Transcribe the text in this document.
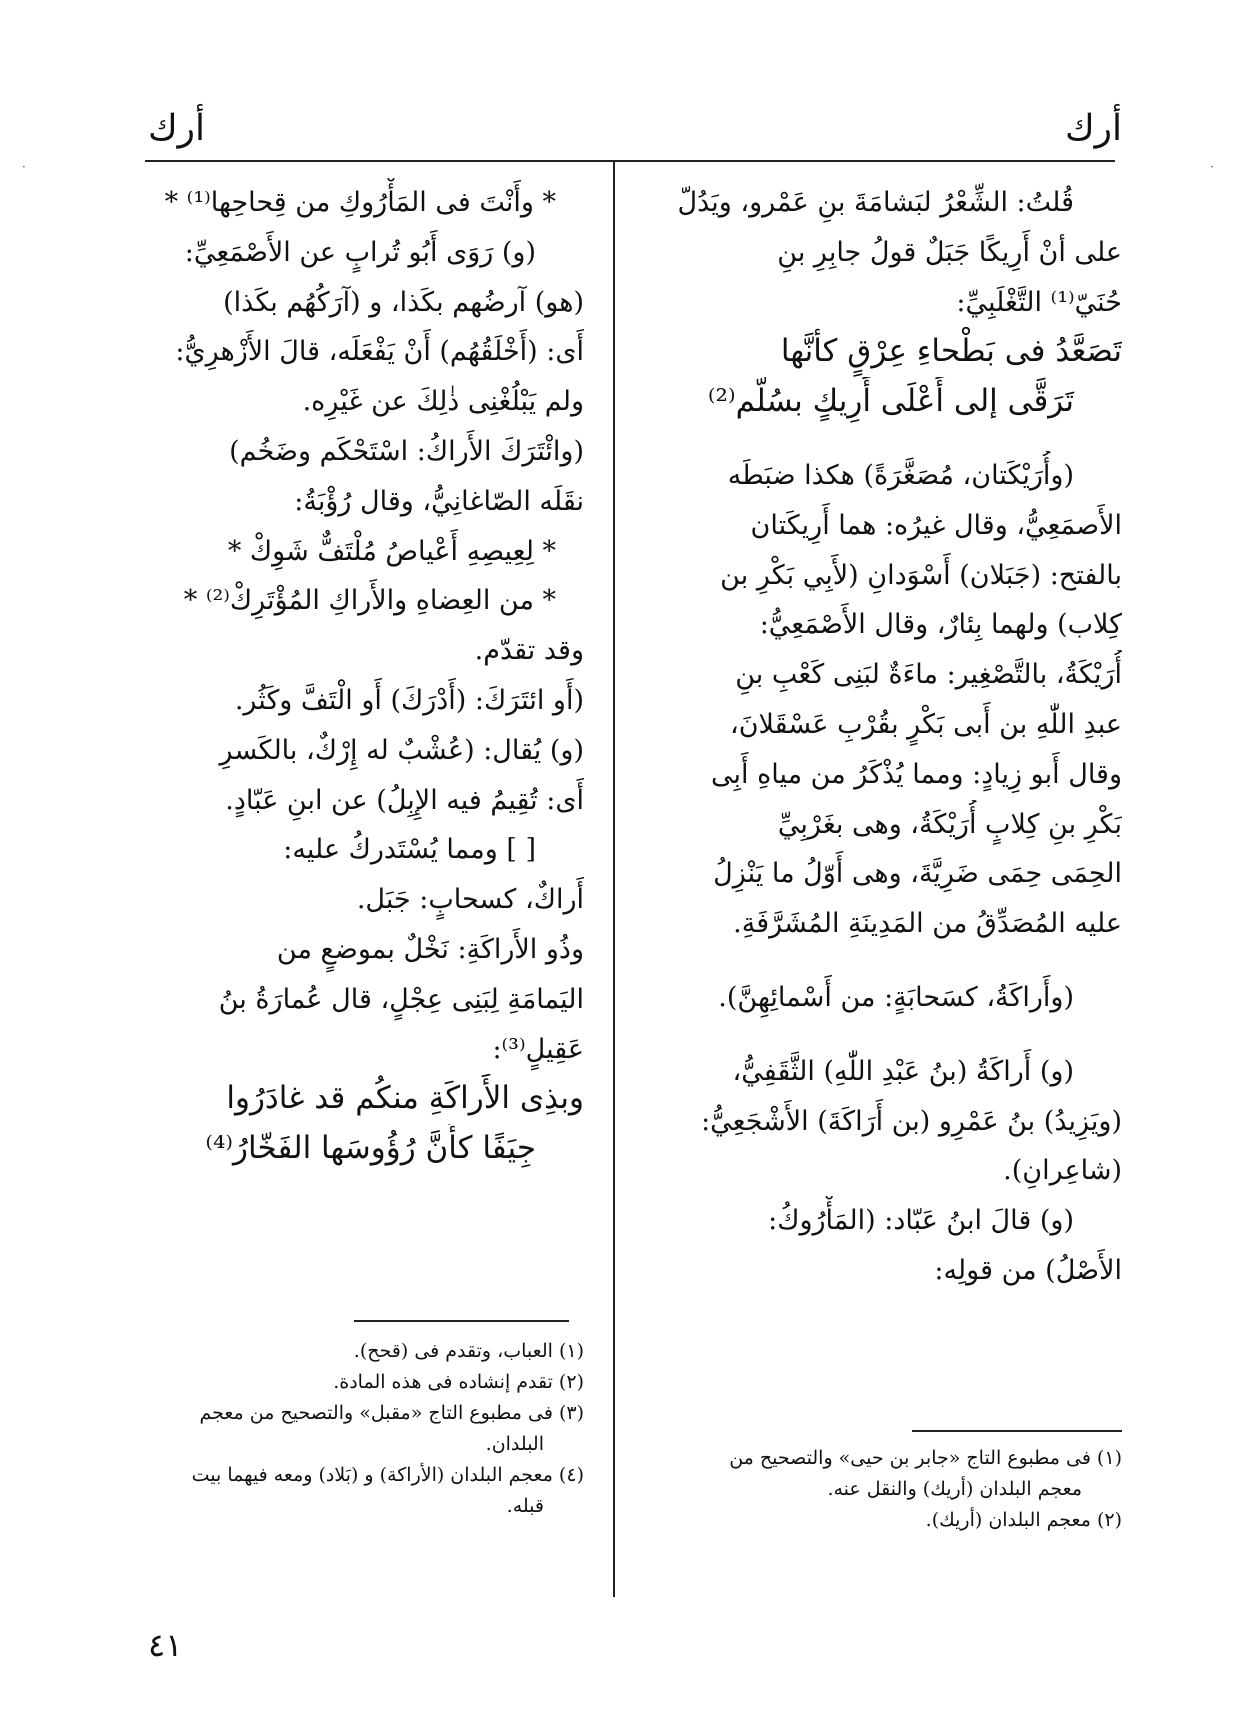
·	·
أرك
أرك
قُلتُ: الشِّعْرُ لبَشامَةَ بنِ عَمْرو، ويَدُلّ
على أنْ أَرِيكًا جَبَلٌ قولُ جابِرِ بنِ
حُنَيّ⁽¹⁾ التَّغْلَبِيِّ:
تَصَعَّدُ فى بَطْحاءِ عِرْقٍ كأنَّها
تَرَقَّى إلى أَعْلَى أَرِيكٍ بسُلَّم⁽²⁾
(وأُرَيْكَتان، مُصَغَّرَةً) هكذا ضبَطَه
الأَصمَعِيُّ، وقال غيرُه: هما أَرِيكَتان
بالفتح: (جَبَلان) أَسْوَدانِ (لأَبِي بَكْرِ بن
كِلاب) ولهما بِئارٌ، وقال الأَصْمَعِيُّ:
أُرَيْكَةُ، بالتَّصْغِير: ماءَةٌ لبَنِى كَعْبِ بنِ
عبدِ اللّٰهِ بن أَبى بَكْرٍ بقُرْبِ عَسْقَلانَ،
وقال أَبو زِيادٍ: ومما يُذْكَرُ من مياهِ أَبِى
بَكْرِ بنِ كِلابٍ أُرَيْكَةُ، وهى بغَرْبِيِّ
الحِمَى حِمَى ضَرِيَّةَ، وهى أَوّلُ ما يَنْزِلُ
عليه المُصَدِّقُ من المَدِينَةِ المُشَرَّفَةِ.
(وأَراكَةُ، كسَحابَةٍ: من أَسْمائِهِنَّ).
(و) أَراكَةُ (بنُ عَبْدِ اللّٰهِ) الثَّقَفِيُّ،
(ويَزِيدُ) بنُ عَمْرِو (بن أَرَاكَةَ) الأَشْجَعِيُّ:
(شاعِرانِ).
(و) قالَ ابنُ عَبّاد: (المَأْرُوكُ:
الأَصْلُ) من قولِه:
* وأَنْتَ فى المَأْرُوكِ من قِحاحِها⁽¹⁾ *
(و) رَوَى أَبُو تُرابٍ عن الأَصْمَعِيِّ:
(هو) آرضُهم بكَذا، و (آرَكُهُم بكَذا)
أَى: (أَخْلَقُهُم) أَنْ يَفْعَلَه، قالَ الأَزْهرِيُّ:
ولم يَبْلُغْنِى ذٰلِكَ عن غَيْرِه.
(وائْتَرَكَ الأَراكُ: اسْتَحْكَم وضَخُم)
نقَلَه الصّاغانِيُّ، وقال رُؤْبَةُ:
* لِعِيصِهِ أَعْياصُ مُلْتَفٌّ شَوِكْ *
* من العِضاهِ والأَراكِ المُؤْتَرِكْ⁽²⁾ *
وقد تقدّم.
(أَو ائتَرَكَ: (أَدْرَكَ) أَو الْتَفَّ وكَثُر.
(و) يُقال: (عُشْبٌ له إِرْكٌ، بالكَسرِ
أَى: تُقِيمُ فيه الإِبِلُ) عن ابنِ عَبّادٍ.
[ ] ومما يُسْتَدركُ عليه:
أَراكٌ، كسحابٍ: جَبَل.
وذُو الأَراكَةِ: نَخْلٌ بموضعٍ من
اليَمامَةِ لِبَنِى عِجْلٍ، قال عُمارَةُ بنُ
عَقِيلٍ⁽³⁾:
وبذِى الأَراكَةِ منكُم قد غادَرُوا
جِيَفًا كأَنَّ رُؤُوسَها الفَخّارُ⁽⁴⁾
(١) العباب، وتقدم فى (قحح).
(٢) تقدم إنشاده فى هذه المادة.
(٣) فى مطبوع التاج «مقبل» والتصحيح من معجم
البلدان.
(٤) معجم البلدان (الأراكة) و (بَلاد) ومعه فيهما بيت
قبله.
(١) فى مطبوع التاج «جابر بن حيى» والتصحيح من
معجم البلدان (أريك) والنقل عنه.
(٢) معجم البلدان (أريك).
٤١
